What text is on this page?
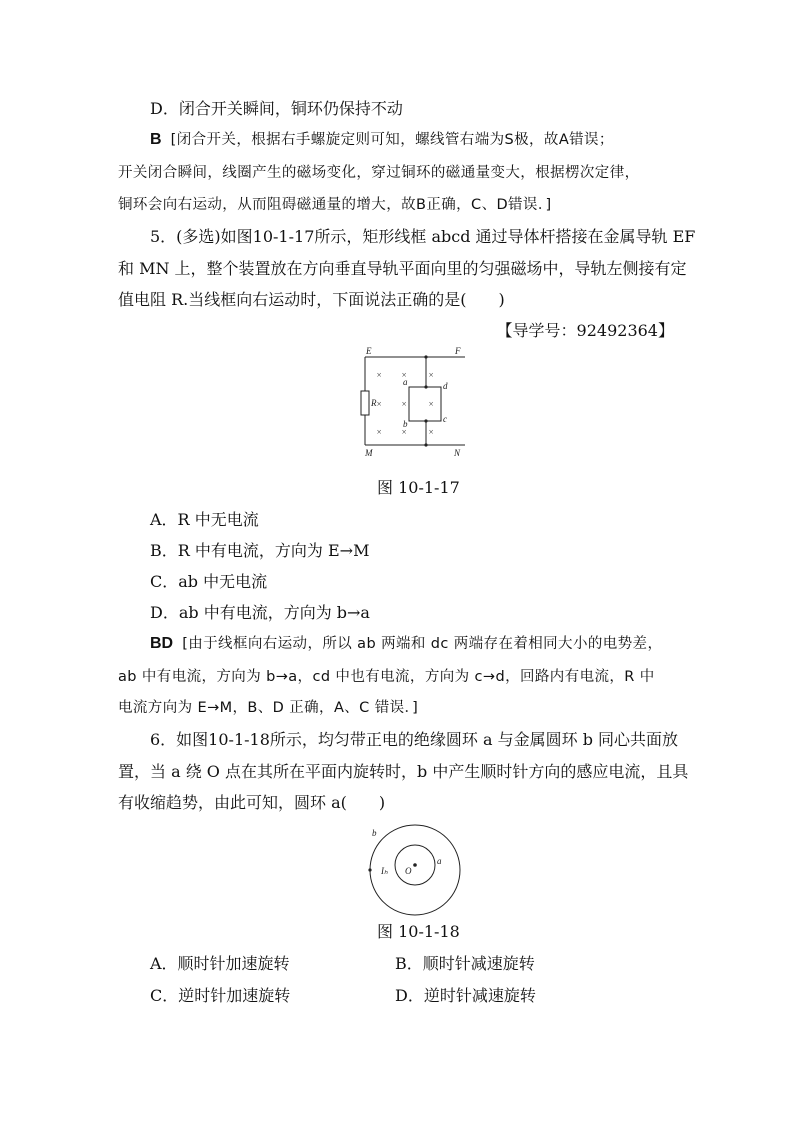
D．闭合开关瞬间，铜环仍保持不动
B [闭合开关，根据右手螺旋定则可知，螺线管右端为S极，故A错误；
开关闭合瞬间，线圈产生的磁场变化，穿过铜环的磁通量变大，根据楞次定律，
铜环会向右运动，从而阻碍磁通量的增大，故B正确，C、D错误．]
5．(多选)如图10-1-17所示，矩形线框 abcd 通过导体杆搭接在金属导轨 EF
和 MN 上，整个装置放在方向垂直导轨平面向里的匀强磁场中，导轨左侧接有定
值电阻 R.当线框向右运动时，下面说法正确的是(　　)
【导学号：92492364】
E	F
M	N
R
a
b	c
d
× × ×
× × ×
× × ×
图 10-1-17
A．R 中无电流
B．R 中有电流，方向为 E→M
C．ab 中无电流
D．ab 中有电流，方向为 b→a
BD [由于线框向右运动，所以 ab 两端和 dc 两端存在着相同大小的电势差，
ab 中有电流，方向为 b→a，cd 中也有电流，方向为 c→d，回路内有电流，R 中
电流方向为 E→M，B、D 正确，A、C 错误．]
6．如图10-1-18所示，均匀带正电的绝缘圆环 a 与金属圆环 b 同心共面放
置，当 a 绕 O 点在其所在平面内旋转时，b 中产生顺时针方向的感应电流，且具
有收缩趋势，由此可知，圆环 a(　　)
b
a
O
Iₕ
图 10-1-18
A．顺时针加速旋转	B．顺时针减速旋转
C．逆时针加速旋转	D．逆时针减速旋转
